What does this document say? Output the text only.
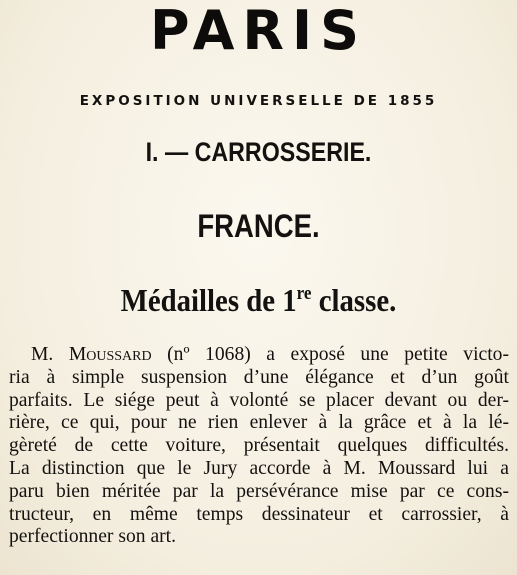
PARIS
EXPOSITION UNIVERSELLE DE 1855
I. — CARROSSERIE.
FRANCE.
Médailles de 1re classe.
M. Moussard (nº 1068) a exposé une petite victo-
ria à simple suspension d’une élégance et d’un goût
parfaits. Le siége peut à volonté se placer devant ou der-
rière, ce qui, pour ne rien enlever à la grâce et à la lé-
gèreté de cette voiture, présentait quelques difficultés.
La distinction que le Jury accorde à M. Moussard lui a
paru bien méritée par la persévérance mise par ce cons-
tructeur, en même temps dessinateur et carrossier, à
perfectionner son art.
